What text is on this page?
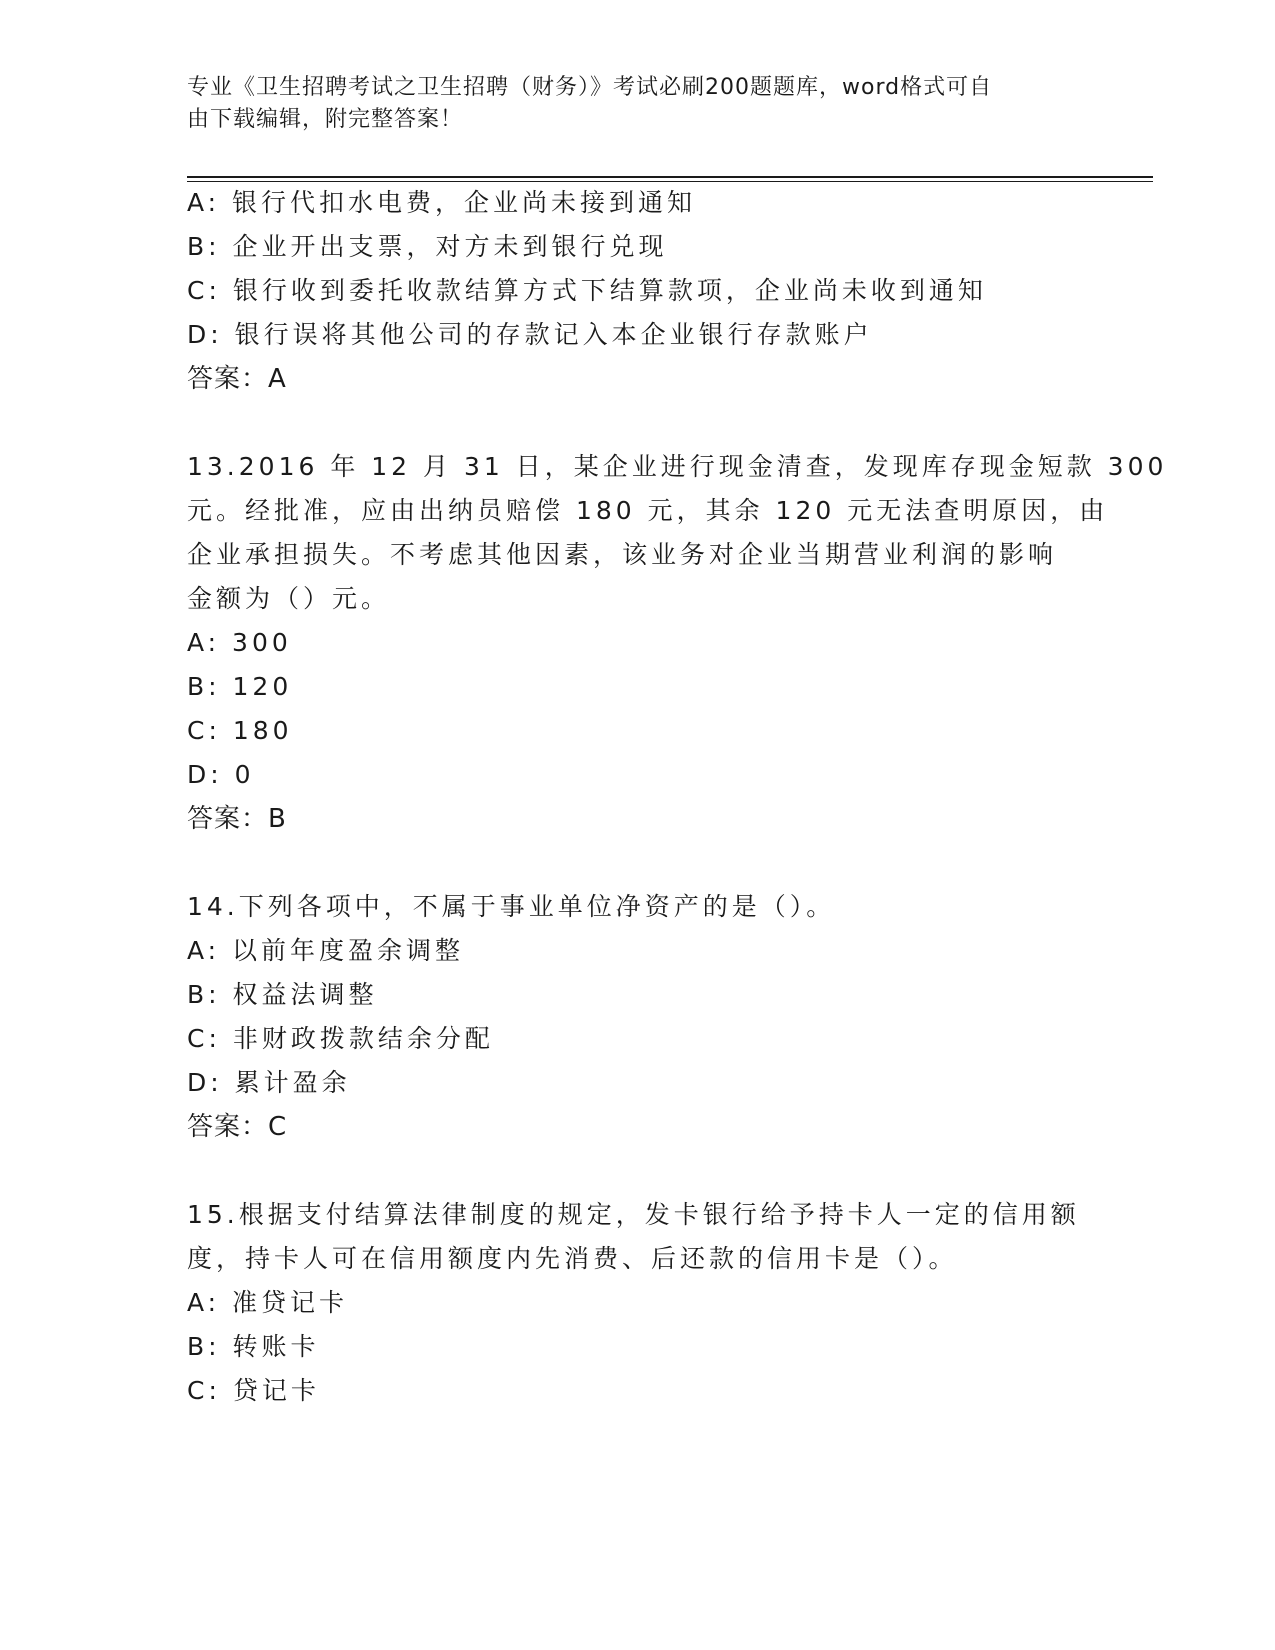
专业《卫生招聘考试之卫生招聘（财务）》考试必刷200题题库，word格式可自
由下载编辑，附完整答案！
A: 银行代扣水电费，企业尚未接到通知
B: 企业开出支票，对方未到银行兑现
C: 银行收到委托收款结算方式下结算款项，企业尚未收到通知
D: 银行误将其他公司的存款记入本企业银行存款账户
答案：A
13.2016 年 12 月 31 日，某企业进行现金清查，发现库存现金短款 300
元。经批准，应由出纳员赔偿 180 元，其余 120 元无法查明原因，由
企业承担损失。不考虑其他因素，该业务对企业当期营业利润的影响
金额为（）元。
A: 300
B: 120
C: 180
D: 0
答案：B
14.下列各项中，不属于事业单位净资产的是（）。
A: 以前年度盈余调整
B: 权益法调整
C: 非财政拨款结余分配
D: 累计盈余
答案：C
15.根据支付结算法律制度的规定，发卡银行给予持卡人一定的信用额
度，持卡人可在信用额度内先消费、后还款的信用卡是（）。
A: 准贷记卡
B: 转账卡
C: 贷记卡
